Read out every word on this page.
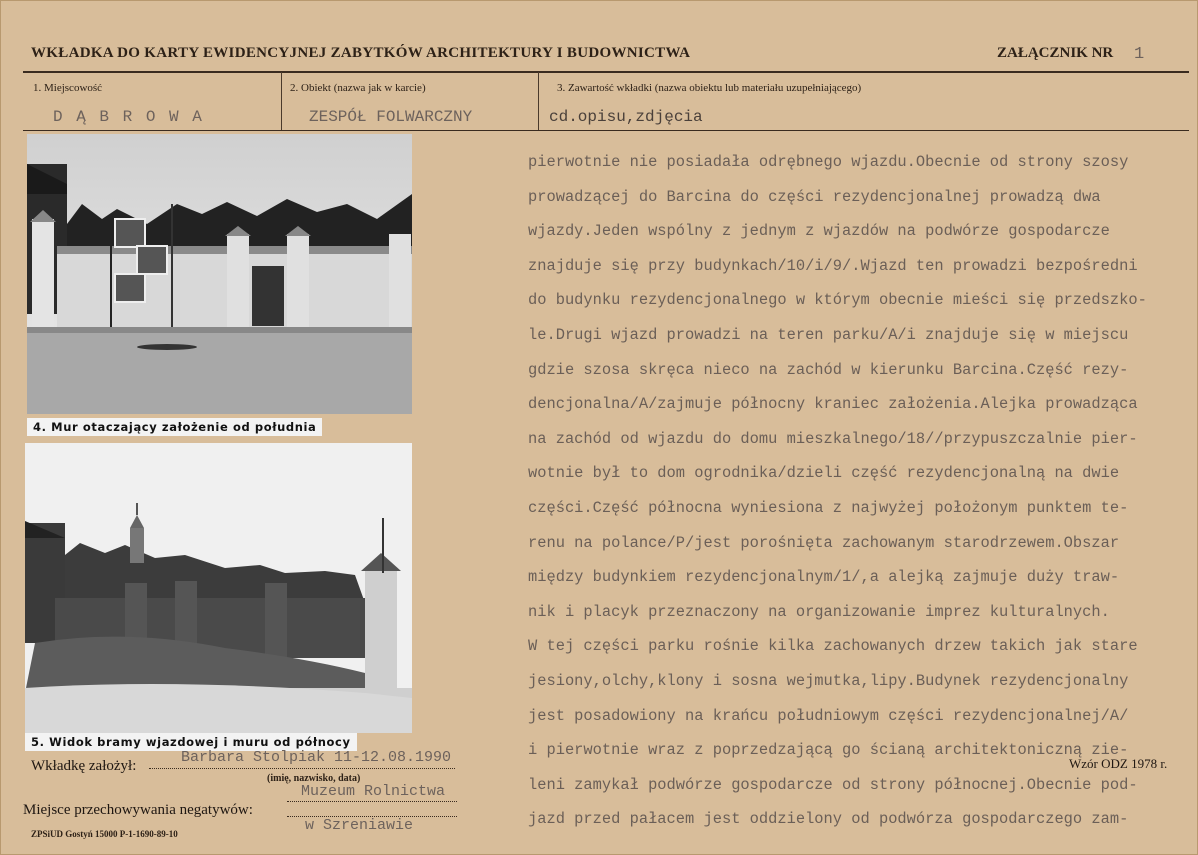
WKŁADKA DO KARTY EWIDENCYJNEJ ZABYTKÓW ARCHITEKTURY I BUDOWNICTWA	ZAŁĄCZNIK NR 1
1. Miejscowość
D Ą B R O W A
2. Obiekt (nazwa jak w karcie)
ZESPÓŁ FOLWARCZNY
3. Zawartość wkładki (nazwa obiektu lub materiału uzupełniającego)
cd.opisu,zdjęcia
4. Mur otaczający założenie od południa
5. Widok bramy wjazdowej i muru od północy
pierwotnie nie posiadała odrębnego wjazdu.Obecnie od strony szosy
prowadzącej do Barcina do części rezydencjonalnej prowadzą dwa
wjazdy.Jeden wspólny z jednym z wjazdów na podwórze gospodarcze
znajduje się przy budynkach/10/i/9/.Wjazd ten prowadzi bezpośredni
do budynku rezydencjonalnego w którym obecnie mieści się przedszko-
le.Drugi wjazd prowadzi na teren parku/A/i znajduje się w miejscu
gdzie szosa skręca nieco na zachód w kierunku Barcina.Część rezy-
dencjonalna/A/zajmuje północny kraniec założenia.Alejka prowadząca
na zachód od wjazdu do domu mieszkalnego/18//przypuszczalnie pier-
wotnie był to dom ogrodnika/dzieli część rezydencjonalną na dwie
części.Część północna wyniesiona z najwyżej położonym punktem te-
renu na polance/P/jest porośnięta zachowanym starodrzewem.Obszar
między budynkiem rezydencjonalnym/1/,a alejką zajmuje duży traw-
nik i placyk przeznaczony na organizowanie imprez kulturalnych.
W tej części parku rośnie kilka zachowanych drzew takich jak stare
jesiony,olchy,klony i sosna wejmutka,lipy.Budynek rezydencjonalny
jest posadowiony na krańcu południowym części rezydencjonalnej/A/
i pierwotnie wraz z poprzedzającą go ścianą architektoniczną zie-
leni zamykał podwórze gospodarcze od strony północnej.Obecnie pod-
jazd przed pałacem jest oddzielony od podwórza gospodarczego zam-
Wkładkę założył:	Barbara Stolpiak 11-12.08.1990
(imię, nazwisko, data)
Miejsce przechowywania negatywów:
Muzeum Rolnictwa
w Szreniawie
ZPSiUD Gostyń 15000 P-1-1690-89-10
Wzór ODZ 1978 r.
